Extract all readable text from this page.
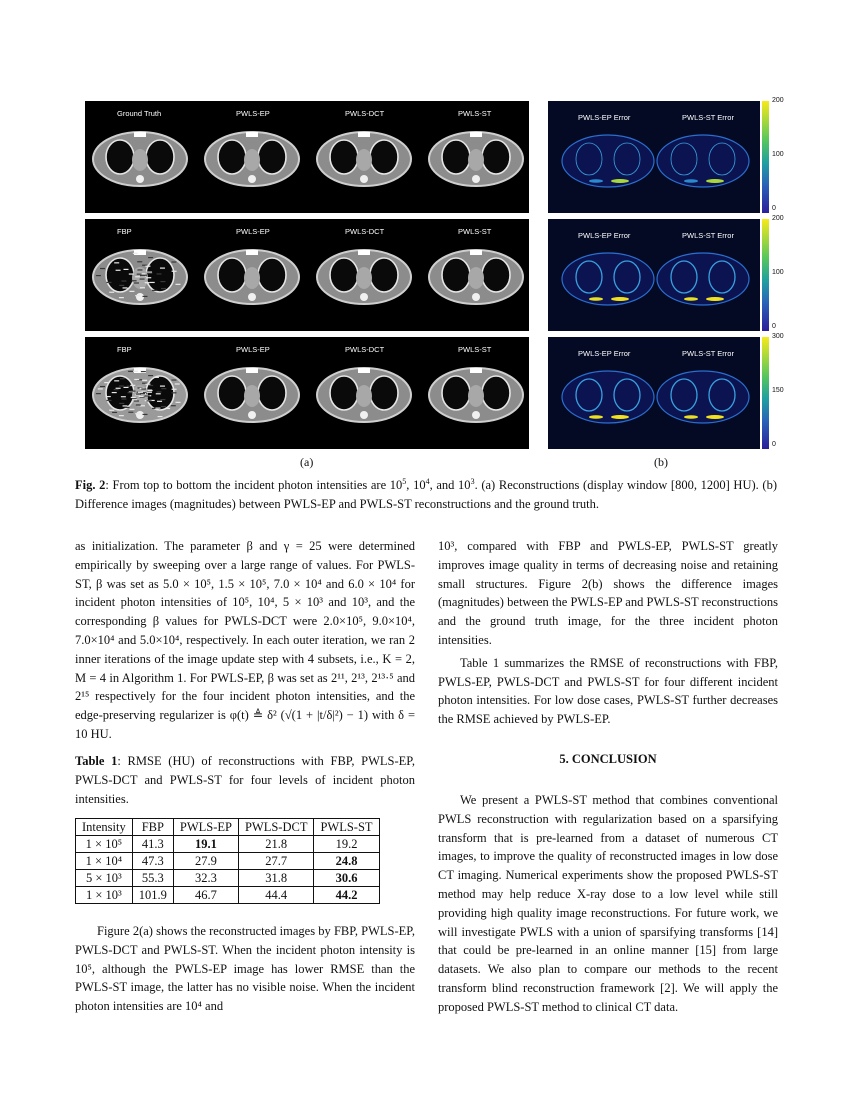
Ground Truth	PWLS-EP	PWLS-DCT	PWLS-ST
FBP	PWLS-EP	PWLS-DCT	PWLS-ST
FBP	PWLS-EP	PWLS-DCT	PWLS-ST
PWLS-EP Error	PWLS-ST Error
200
100
0
PWLS-EP Error	PWLS-ST Error
200
100
0
PWLS-EP Error	PWLS-ST Error
300
150
0
(a)	(b)
Fig. 2: From top to bottom the incident photon intensities are $10^5$, $10^4$, and $10^3$. (a) Reconstructions (display window [800, 1200] HU). (b) Difference images (magnitudes) between PWLS-EP and PWLS-ST reconstructions and the ground truth.

as initialization. The parameter β and γ = 25 were determined empirically by sweeping over a large range of values. For PWLS-ST, β was set as 5.0 × 10⁵, 1.5 × 10⁵, 7.0 × 10⁴ and 6.0 × 10⁴ for incident photon intensities of 10⁵, 10⁴, 5 × 10³ and 10³, and the corresponding β values for PWLS-DCT were 2.0×10⁵, 9.0×10⁴, 7.0×10⁴ and 5.0×10⁴, respectively. In each outer iteration, we ran 2 inner iterations of the image update step with 4 subsets, i.e., K = 2, M = 4 in Algorithm 1. For PWLS-EP, β was set as 2¹¹, 2¹³, 2¹³·⁵ and 2¹⁵ respectively for the four incident photon intensities, and the edge-preserving regularizer is φ(t) ≜ δ² (√(1 + |t/δ|²) − 1) with δ = 10 HU.

Table 1: RMSE (HU) of reconstructions with FBP, PWLS-EP, PWLS-DCT and PWLS-ST for four levels of incident photon intensities.

Intensity	FBP	PWLS-EP	PWLS-DCT	PWLS-ST
1 × 10⁵	41.3	19.1	21.8	19.2
1 × 10⁴	47.3	27.9	27.7	24.8
5 × 10³	55.3	32.3	31.8	30.6
1 × 10³	101.9	46.7	44.4	44.2

Figure 2(a) shows the reconstructed images by FBP, PWLS-EP, PWLS-DCT and PWLS-ST. When the incident photon intensity is 10⁵, although the PWLS-EP image has lower RMSE than the PWLS-ST image, the latter has no visible noise. When the incident photon intensities are 10⁴ and

10³, compared with FBP and PWLS-EP, PWLS-ST greatly improves image quality in terms of decreasing noise and retaining small structures. Figure 2(b) shows the difference images (magnitudes) between the PWLS-EP and PWLS-ST reconstructions and the ground truth image, for the three incident photon intensities.

Table 1 summarizes the RMSE of reconstructions with FBP, PWLS-EP, PWLS-DCT and PWLS-ST for four different incident photon intensities. For low dose cases, PWLS-ST further decreases the RMSE achieved by PWLS-EP.

5. CONCLUSION

We present a PWLS-ST method that combines conventional PWLS reconstruction with regularization based on a sparsifying transform that is pre-learned from a dataset of numerous CT images, to improve the quality of reconstructed images in low dose CT imaging. Numerical experiments show the proposed PWLS-ST method may help reduce X-ray dose to a low level while still providing high quality image reconstructions. For future work, we will investigate PWLS with a union of sparsifying transforms [14] that could be pre-learned in an online manner [15] from large datasets. We also plan to compare our methods to the recent transform blind reconstruction framework [2]. We will apply the proposed PWLS-ST method to clinical CT data.
